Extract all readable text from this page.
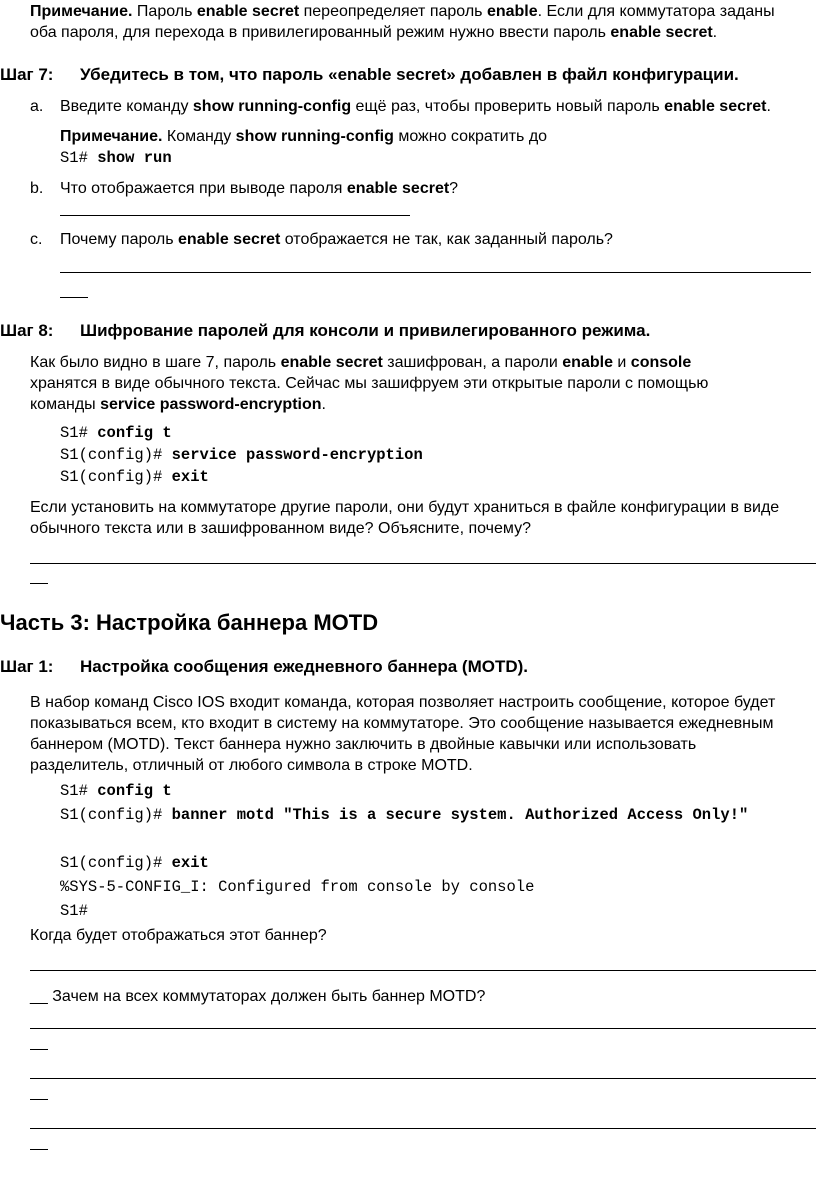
Примечание. Пароль enable secret переопределяет пароль enable. Если для коммутатора заданы

оба пароля, для перехода в привилегированный режим нужно ввести пароль enable secret.

Шаг 7: Убедитесь в том, что пароль «enable secret» добавлен в файл конфигурации.
a. Введите команду show running-config ещё раз, чтобы проверить новый пароль enable secret.

Примечание. Команду show running-config можно сократить до

S1# show run
b. Что отображается при выводе пароля enable secret?

c. Почему пароль enable secret отображается не так, как заданный пароль?

Шаг 8: Шифрование паролей для консоли и привилегированного режима.

Как было видно в шаге 7, пароль enable secret зашифрован, а пароли enable и console

хранятся в виде обычного текста. Сейчас мы зашифруем эти открытые пароли с помощью

команды service password-encryption.

S1# config t
S1(config)# service password-encryption
S1(config)# exit

Если установить на коммутаторе другие пароли, они будут храниться в файле конфигурации в виде

обычного текста или в зашифрованном виде? Объясните, почему?

Часть 3: Настройка баннера MOTD
Шаг 1: Настройка сообщения ежедневного баннера (MOTD).

В набор команд Cisco IOS входит команда, которая позволяет настроить сообщение, которое будет

показываться всем, кто входит в систему на коммутаторе. Это сообщение называется ежедневным

баннером (MOTD). Текст баннера нужно заключить в двойные кавычки или использовать

разделитель, отличный от любого символа в строке MOTD.

S1# config t
S1(config)# banner motd "This is a secure system. Authorized Access Only!"
S1(config)# exit
%SYS-5-CONFIG_I: Configured from console by console
S1#

Когда будет отображаться этот баннер?

__ Зачем на всех коммутаторах должен быть баннер MOTD?
